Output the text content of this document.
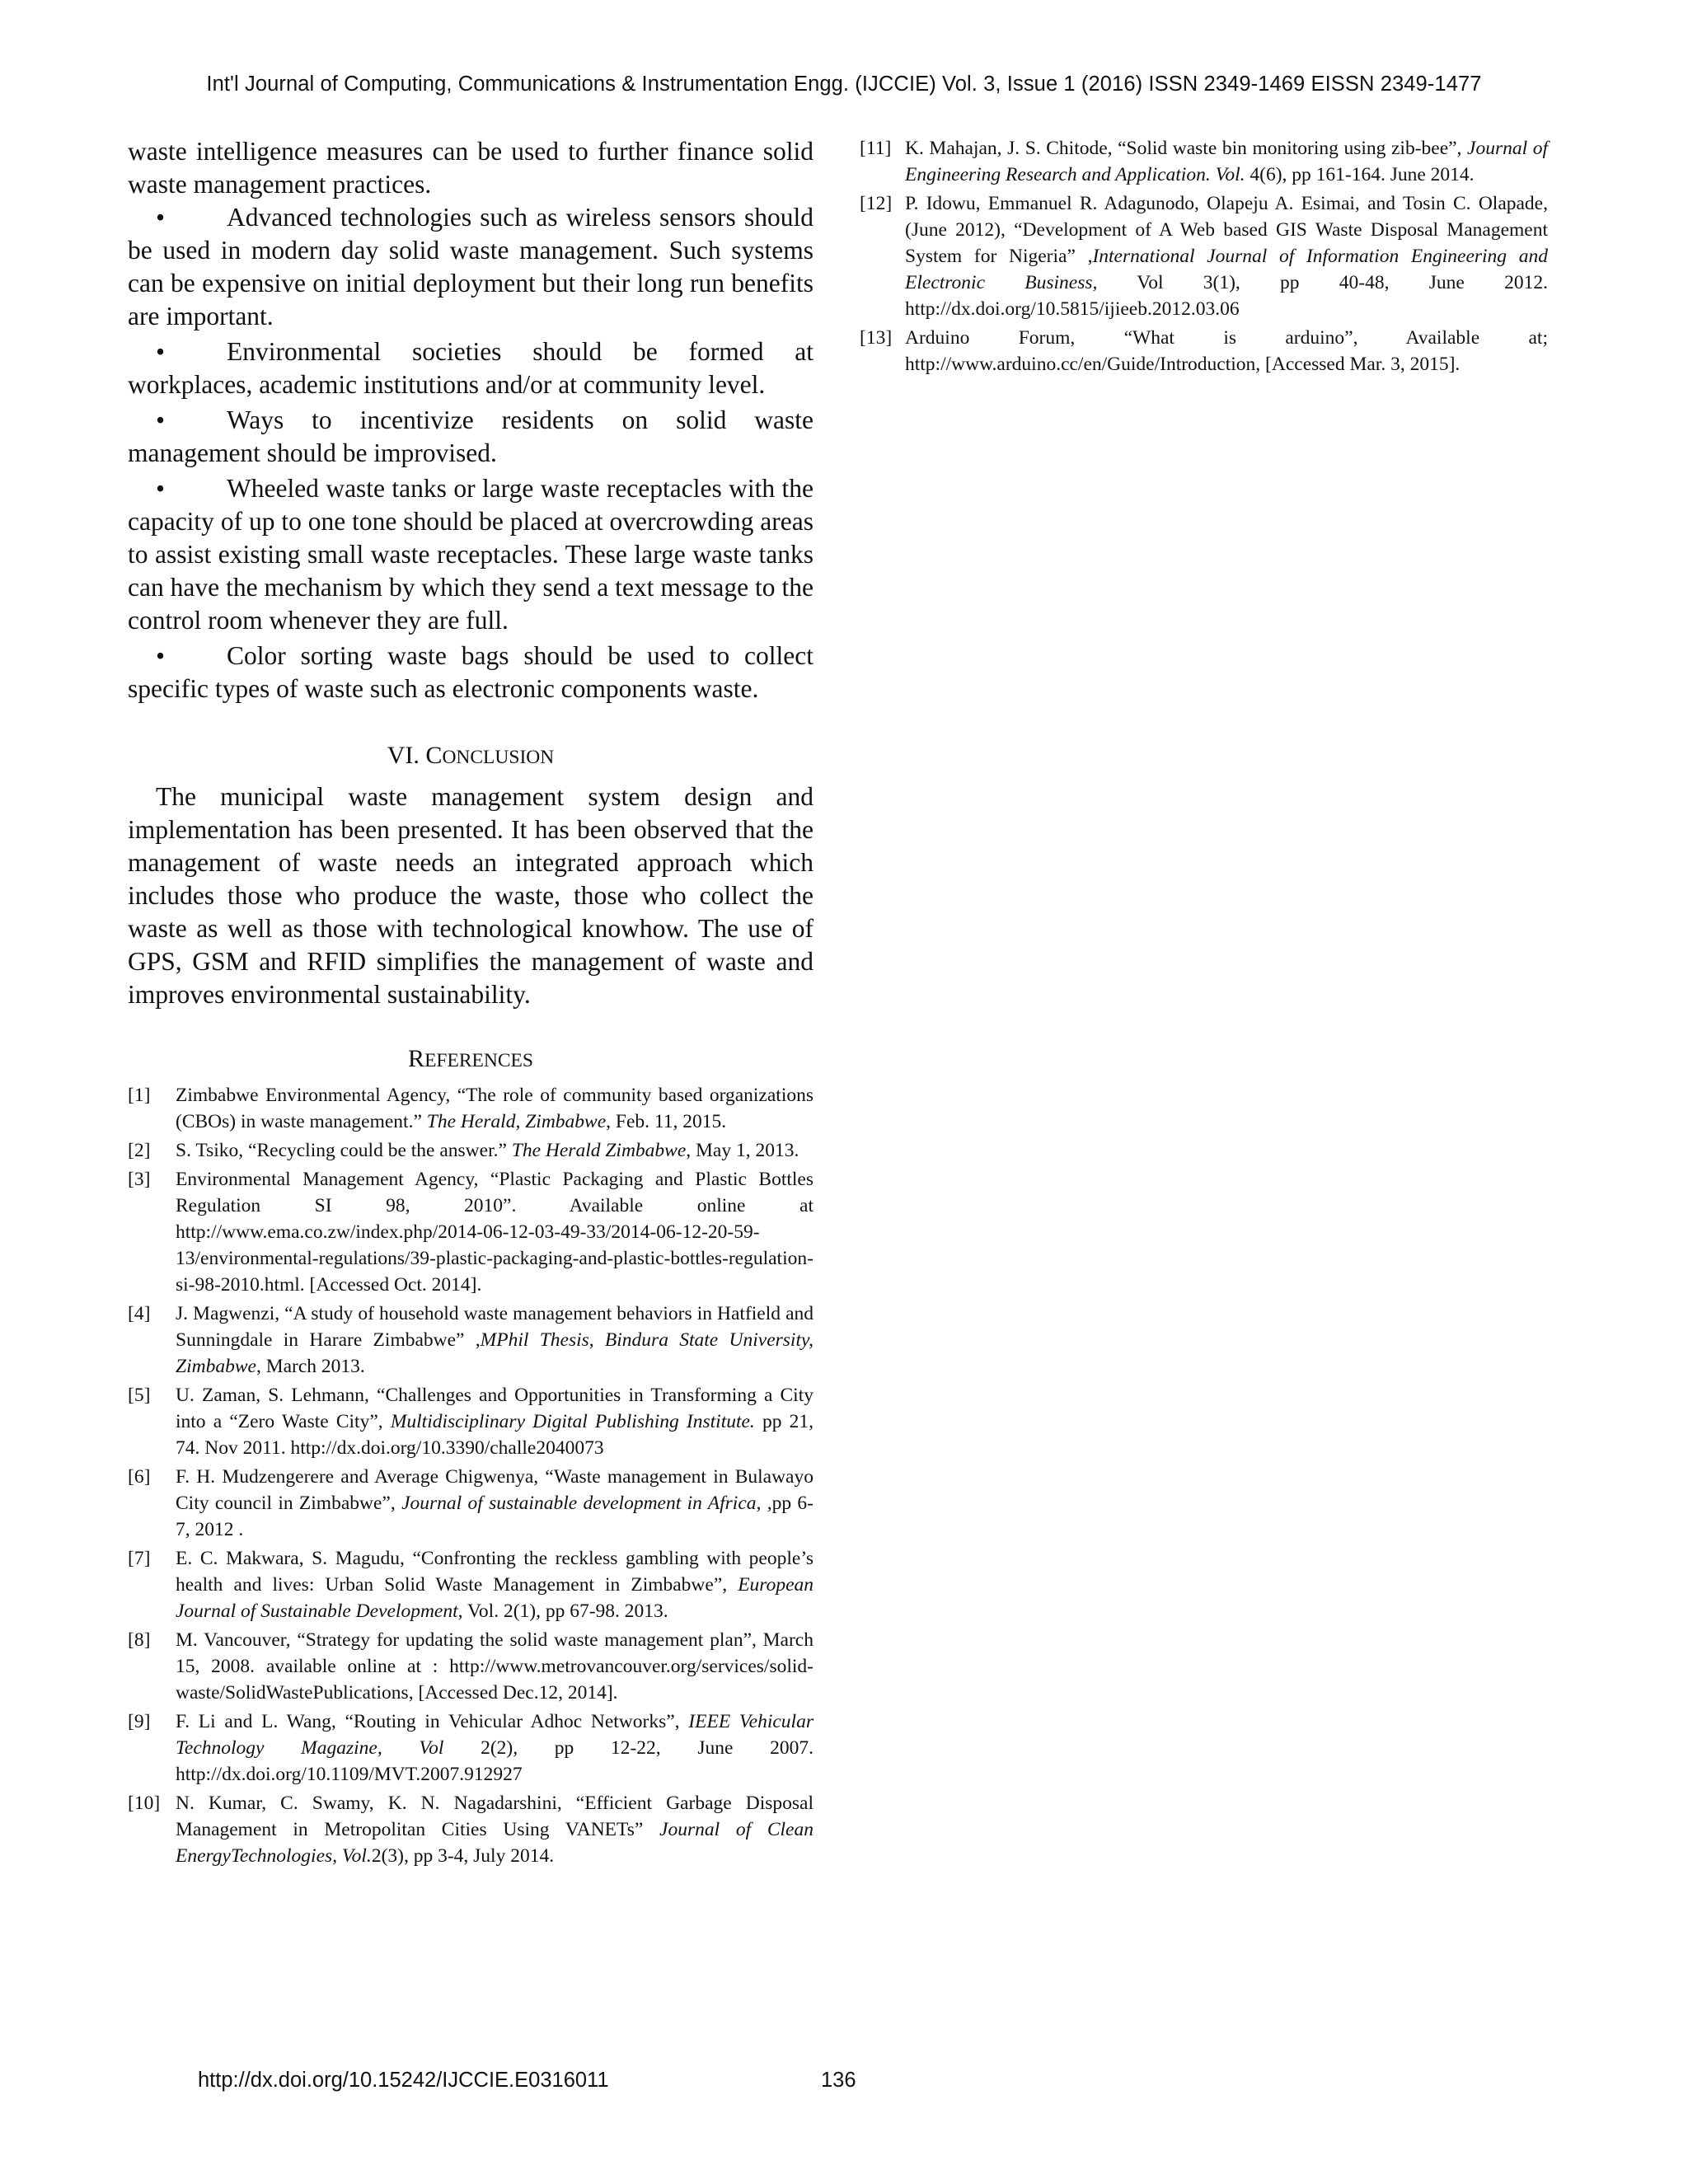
Int'l Journal of Computing, Communications & Instrumentation Engg. (IJCCIE) Vol. 3, Issue 1 (2016) ISSN 2349-1469 EISSN 2349-1477

waste intelligence measures can be used to further finance solid waste management practices.

• Advanced technologies such as wireless sensors should be used in modern day solid waste management. Such systems can be expensive on initial deployment but their long run benefits are important.

• Environmental societies should be formed at workplaces, academic institutions and/or at community level.

• Ways to incentivize residents on solid waste management should be improvised.

• Wheeled waste tanks or large waste receptacles with the capacity of up to one tone should be placed at overcrowding areas to assist existing small waste receptacles. These large waste tanks can have the mechanism by which they send a text message to the control room whenever they are full.

• Color sorting waste bags should be used to collect specific types of waste such as electronic components waste.

VI. CONCLUSION

The municipal waste management system design and implementation has been presented. It has been observed that the management of waste needs an integrated approach which includes those who produce the waste, those who collect the waste as well as those with technological knowhow. The use of GPS, GSM and RFID simplifies the management of waste and improves environmental sustainability.

REFERENCES

[1]	Zimbabwe Environmental Agency, “The role of community based organizations (CBOs) in waste management.” The Herald, Zimbabwe, Feb. 11, 2015.
[2]	S. Tsiko, “Recycling could be the answer.” The Herald Zimbabwe, May 1, 2013.
[3]	Environmental Management Agency, “Plastic Packaging and Plastic Bottles Regulation SI 98, 2010”. Available online at http://www.ema.co.zw/index.php/2014-06-12-03-49-33/2014-06-12-20-59-13/environmental-regulations/39-plastic-packaging-and-plastic-bottles-regulation-si-98-2010.html. [Accessed Oct. 2014].
[4]	J. Magwenzi, “A study of household waste management behaviors in Hatfield and Sunningdale in Harare Zimbabwe” ,MPhil Thesis, Bindura State University, Zimbabwe, March 2013.
[5]	U. Zaman, S. Lehmann, “Challenges and Opportunities in Transforming a City into a “Zero Waste City”, Multidisciplinary Digital Publishing Institute. pp 21, 74. Nov 2011. http://dx.doi.org/10.3390/challe2040073
[6]	F. H. Mudzengerere and Average Chigwenya, “Waste management in Bulawayo City council in Zimbabwe”, Journal of sustainable development in Africa, ,pp 6-7, 2012 .
[7]	E. C. Makwara, S. Magudu, “Confronting the reckless gambling with people’s health and lives: Urban Solid Waste Management in Zimbabwe”, European Journal of Sustainable Development, Vol. 2(1), pp 67-98. 2013.
[8]	M. Vancouver, “Strategy for updating the solid waste management plan”, March 15, 2008. available online at : http://www.metrovancouver.org/services/solid-waste/SolidWastePublications, [Accessed Dec.12, 2014].
[9]	F. Li and L. Wang, “Routing in Vehicular Adhoc Networks”, IEEE Vehicular Technology Magazine, Vol 2(2), pp 12-22, June 2007. http://dx.doi.org/10.1109/MVT.2007.912927
[10] N. Kumar, C. Swamy, K. N. Nagadarshini, “Efficient Garbage Disposal Management in Metropolitan Cities Using VANETs” Journal of Clean EnergyTechnologies, Vol.2(3), pp 3-4, July 2014.
[11] K. Mahajan, J. S. Chitode, “Solid waste bin monitoring using zib-bee”, Journal of Engineering Research and Application. Vol. 4(6), pp 161-164. June 2014.
[12] P. Idowu, Emmanuel R. Adagunodo, Olapeju A. Esimai, and Tosin C. Olapade, (June 2012), “Development of A Web based GIS Waste Disposal Management System for Nigeria” ,International Journal of Information Engineering and Electronic Business, Vol 3(1), pp 40-48, June 2012. http://dx.doi.org/10.5815/ijieeb.2012.03.06
[13] Arduino Forum, “What is arduino”, Available at; http://www.arduino.cc/en/Guide/Introduction, [Accessed Mar. 3, 2015].
http://dx.doi.org/10.15242/IJCCIE.E0316011	136
